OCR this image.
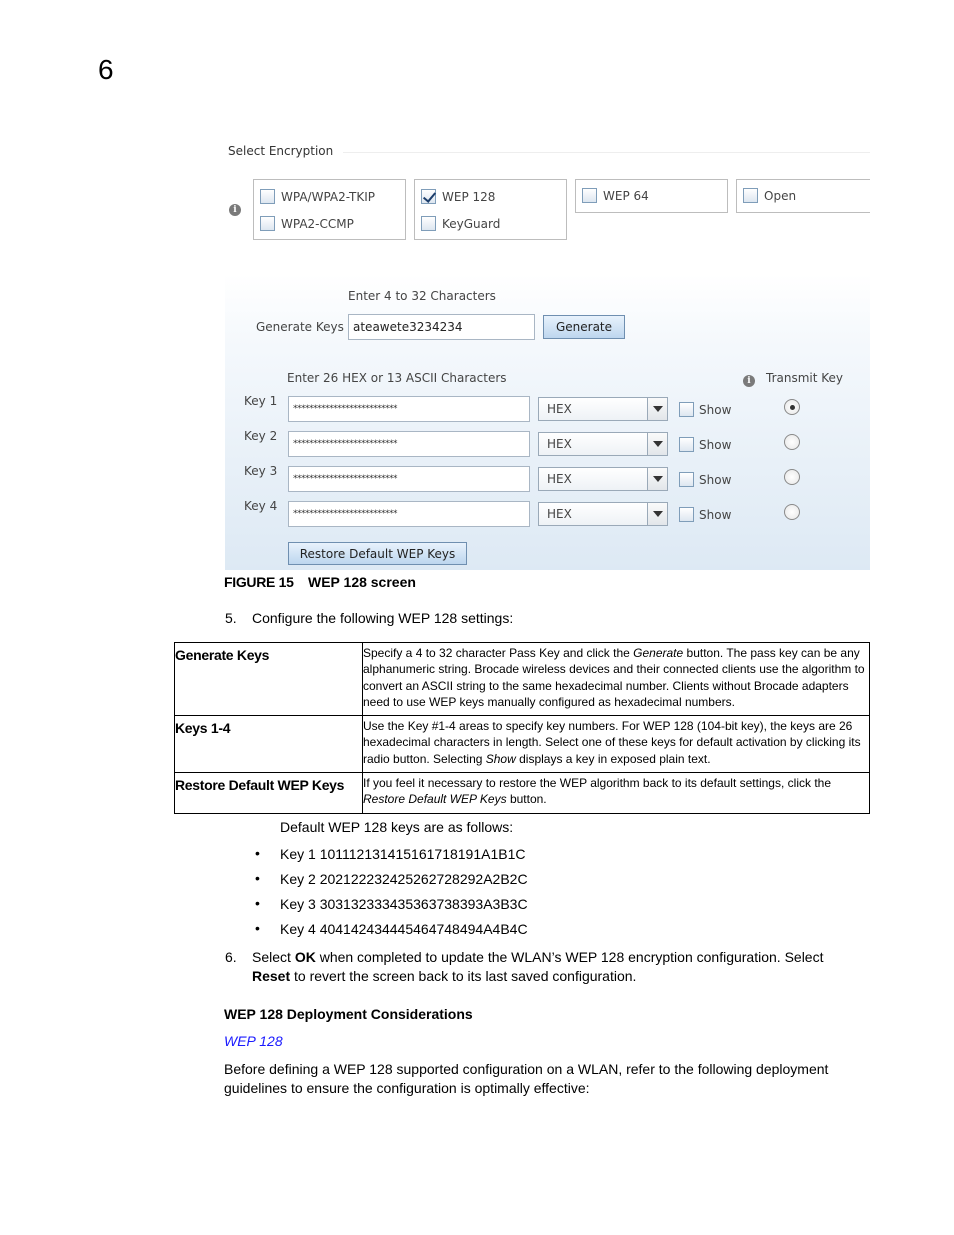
6
Select Encryption
i
WPA/WPA2-TKIP
WPA2-CCMP
WEP 128
KeyGuard
WEP 64	Open
Enter 4 to 32 Characters
Generate Keys ateawete3234234	Generate
Enter 26 HEX or 13 ASCII Characters	i	Transmit Key
Key 1
**************************	HEX	Show
Key 2
**************************	HEX	Show
Key 3
**************************	HEX	Show
Key 4
**************************	HEX	Show
Restore Default WEP Keys
FIGURE 15 WEP 128 screen
5. Configure the following WEP 128 settings:
Generate Keys	Specify a 4 to 32 character Pass Key and click the Generate button. The pass key can be any alphanumeric string. Brocade wireless devices and their connected clients use the algorithm to convert an ASCII string to the same hexadecimal number. Clients without Brocade adapters need to use WEP keys manually configured as hexadecimal numbers.
Keys 1-4	Use the Key #1-4 areas to specify key numbers. For WEP 128 (104-bit key), the keys are 26 hexadecimal characters in length. Select one of these keys for default activation by clicking its radio button. Selecting Show displays a key in exposed plain text.
Restore Default WEP Keys	If you feel it necessary to restore the WEP algorithm back to its default settings, click the Restore Default WEP Keys button.
Default WEP 128 keys are as follows:
• Key 1 101112131415161718191A1B1C
• Key 2 202122232425262728292A2B2C
• Key 3 303132333435363738393A3B3C
• Key 4 404142434445464748494A4B4C
6. Select OK when completed to update the WLAN’s WEP 128 encryption configuration. Select Reset to revert the screen back to its last saved configuration.
WEP 128 Deployment Considerations
WEP 128
Before defining a WEP 128 supported configuration on a WLAN, refer to the following deployment guidelines to ensure the configuration is optimally effective:
